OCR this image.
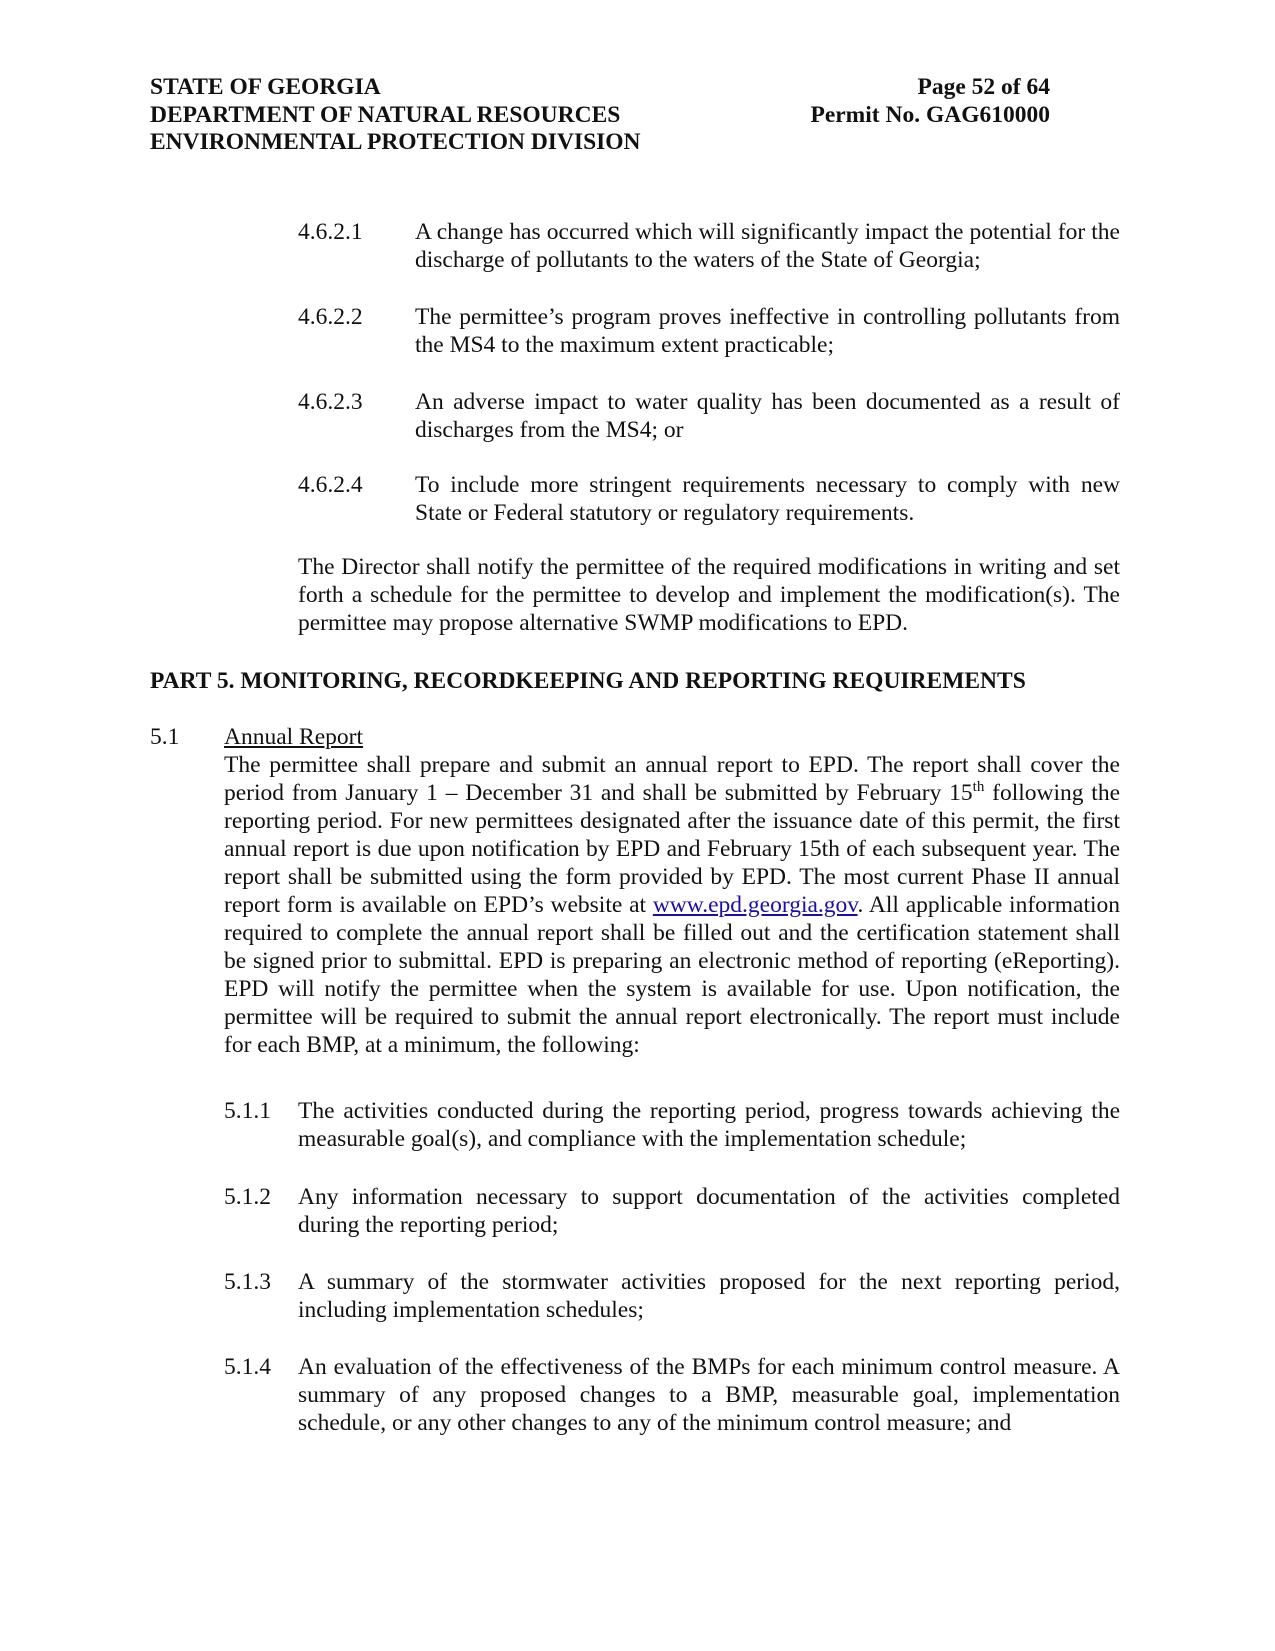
STATE OF GEORGIA	Page 52 of 64
DEPARTMENT OF NATURAL RESOURCES	Permit No. GAG610000
ENVIRONMENTAL PROTECTION DIVISION
4.6.2.1	A change has occurred which will significantly impact the potential for the discharge of pollutants to the waters of the State of Georgia;
4.6.2.2	The permittee’s program proves ineffective in controlling pollutants from the MS4 to the maximum extent practicable;
4.6.2.3	An adverse impact to water quality has been documented as a result of discharges from the MS4; or
4.6.2.4	To include more stringent requirements necessary to comply with new State or Federal statutory or regulatory requirements.
The Director shall notify the permittee of the required modifications in writing and set forth a schedule for the permittee to develop and implement the modification(s). The permittee may propose alternative SWMP modifications to EPD.
PART 5. MONITORING, RECORDKEEPING AND REPORTING REQUIREMENTS
5.1 Annual Report
The permittee shall prepare and submit an annual report to EPD. The report shall cover the period from January 1 – December 31 and shall be submitted by February 15th following the reporting period. For new permittees designated after the issuance date of this permit, the first annual report is due upon notification by EPD and February 15th of each subsequent year. The report shall be submitted using the form provided by EPD. The most current Phase II annual report form is available on EPD’s website at www.epd.georgia.gov. All applicable information required to complete the annual report shall be filled out and the certification statement shall be signed prior to submittal. EPD is preparing an electronic method of reporting (eReporting). EPD will notify the permittee when the system is available for use. Upon notification, the permittee will be required to submit the annual report electronically. The report must include for each BMP, at a minimum, the following:
5.1.1	The activities conducted during the reporting period, progress towards achieving the measurable goal(s), and compliance with the implementation schedule;
5.1.2	Any information necessary to support documentation of the activities completed during the reporting period;
5.1.3	A summary of the stormwater activities proposed for the next reporting period, including implementation schedules;
5.1.4	An evaluation of the effectiveness of the BMPs for each minimum control measure. A summary of any proposed changes to a BMP, measurable goal, implementation schedule, or any other changes to any of the minimum control measure; and
